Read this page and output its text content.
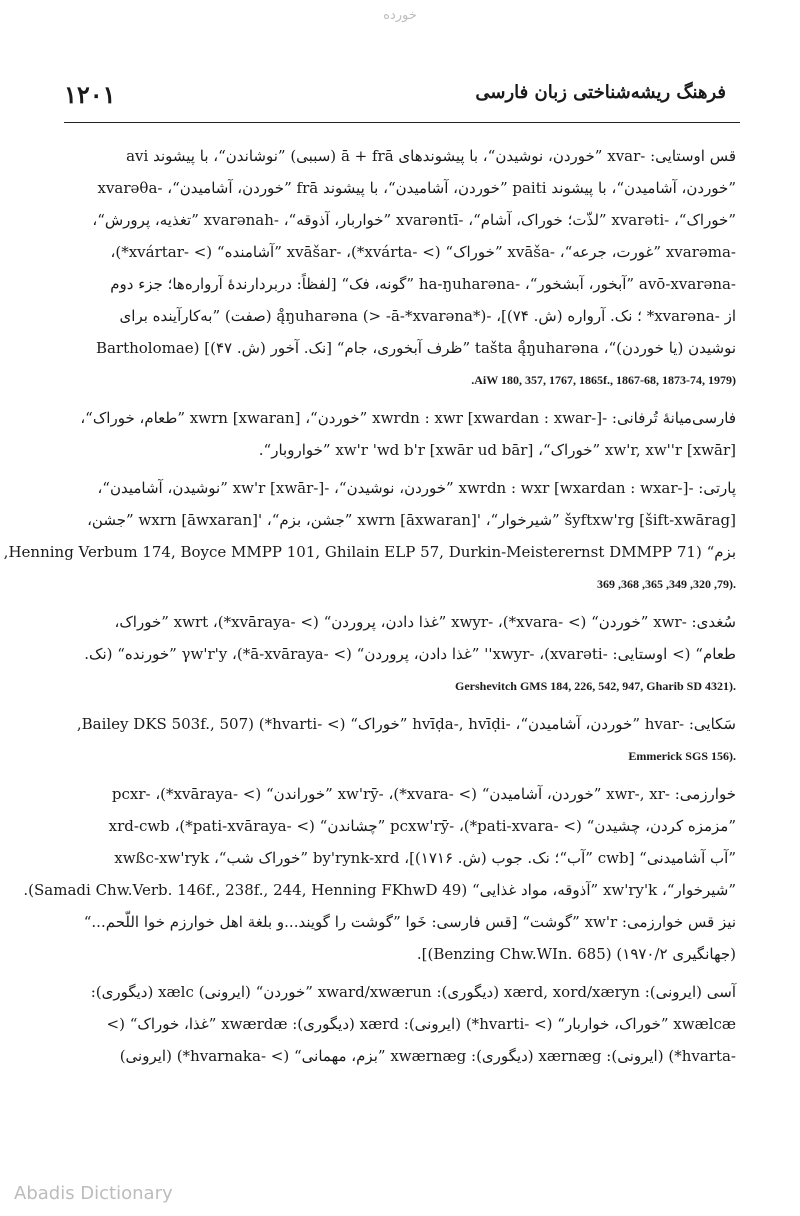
خورده
۱۲۰۱	فرهنگ ریشه‌شناختی زبان فارسی
قس اوستایی: -xvar ”خوردن، نوشیدن“، با پیشوندهای ā + frā (سببی) ”نوشاندن“، با پیشوند avi
”خوردن، آشامیدن“، با پیشوند paiti ”خوردن، آشامیدن“، با پیشوند frā ”خوردن، آشامیدن“، -xvarəθa
”خوراک“، -xvarəti ”لذّت؛ خوراک، آشام“، -xvarəntī ”خواربار، آذوقه“، -xvarənah ”تغذیه، پرورش“،
-xvarəma ”غورت، جرعه“، -xvāša ”خوراک“ (> -xvárta*)، -xvāšar ”آشامنده“ (> -xvártar*)،
-avō-xvarəna ”آبخور، آبشخور“، -ha-ŋuharəna ”گونه، فک“ [لفظاً: دربردارندهٔ آرواره‌ها؛ جزء دوم
از -xvarəna* ؛ نک. آرواره (ش. ۷۴)]، -ą̊ŋuharəna (> -ā-*xvarəna*) (صفت) ”به‌کارآینده برای
نوشیدن (یا خوردن)“، tašta ą̊ŋuharəna ”ظرف آبخوری، جام“ [نک. آخور (ش. ۴۷)] (Bartholomae
(AiW 180, 357, 1767, 1865f., 1867-68, 1873-74, 1979.
فارسی‌میانهٔ تُرفانی: -xwrdn : xwr [xwardan : xwar-] ”خوردن“، xwrn [xwaran] ”طعام، خوراک“،
xw'r, xw''r [xwār] ”خوراک“، xw'r 'wd b'r [xwār ud bār] ”خواروبار“.
پارتی: -xwrdn : wxr [wxardan : wxar-] ”خوردن، نوشیدن“، -xw'r [xwār-] ”نوشیدن، آشامیدن“،
šyftxw'rg [šift-xwārag] ”شیرخوار“، 'xwrn [āxwaran] ”جشن، بزم“، 'wxrn [āwxaran] ”جشن،
بزم“ (Henning Verbum 174, Boyce MMPP 101, Ghilain ELP 57, Durkin-Meisterernst DMMPP 71,
.(79, 320, 349, 365, 368, 369
سُغدی: -xwr ”خوردن“ (> -xvara*)، -xwyr ”غذا دادن، پروردن“ (> -xvāraya*)، xwrt ”خوراک،
طعام“ (> اوستایی: -xvarəti)، -xwyr'' ”غذا دادن، پروردن“ (> -ā-xvāraya*)، γw'r'y ”خورنده“ (نک.
.(Gershevitch GMS 184, 226, 542, 947, Gharib SD 4321
سَکایی: -hvar ”خوردن، آشامیدن“، -hvīḍa-, hvīḍi ”خوراک“ (> -hvarti*) (Bailey DKS 503f., 507,
.(Emmerick SGS 156
خوارزمی: -xwr-, xr ”خوردن، آشامیدن“ (> -xvara*)، -xw'rȳ ”خوراندن“ (> -xvāraya*)، -pcxr
”مزمزه کردن، چشیدن“ (> -pati-xvara*)، -pcxw'rȳ ”چشاندن“ (> -pati-xvāraya*)، xrd-cwb
”آب آشامیدنی“ [cwb ”آب“؛ نک. جوب (ش. ۱۷۱۶)]، by'rynk-xrd ”خوراک شب“، xwßc-xw'ryk
”شیرخوار“، xw'ry'k ”آذوقه، مواد غذایی“ (Samadi Chw.Verb. 146f., 238f., 244, Henning FKhwD 49).
نیز قس خوارزمی: xw'r ”گوشت“ [قس فارسی: خَوا ”گوشت را گویند...و بلغة اهل خوارزم خوا اللّحم...“
(جهانگیری ۱۹۷۰/۲) (Benzing Chw.WIn. 685)].
آسی (ایرونی): xærd, xord/xæryn (دیگوری): xward/xwærun ”خوردن“ (ایرونی) xælc (دیگوری):
xwælcæ ”خوراک، خواربار“ (> -hvarti*) (ایرونی): xærd (دیگوری): xwærdæ ”غذا، خوراک“ (>
-hvarta*) (ایرونی): xærnæg (دیگوری): xwærnæg ”بزم، مهمانی“ (> -hvarnaka*) (ایرونی)
Abadis Dictionary
